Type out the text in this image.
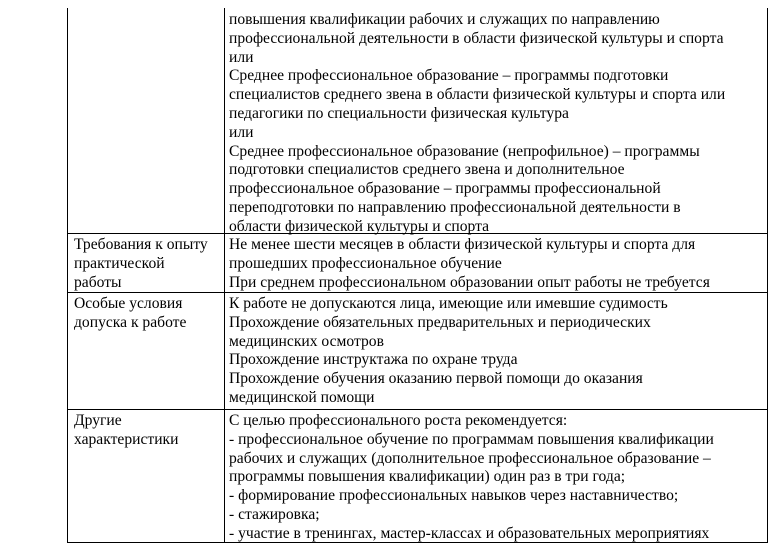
повышения квалификации рабочих и служащих по направлению
профессиональной деятельности в области физической культуры и спорта
или
Среднее профессиональное образование – программы подготовки
специалистов среднего звена в области физической культуры и спорта или
педагогики по специальности физическая культура
или
Среднее профессиональное образование (непрофильное) – программы
подготовки специалистов среднего звена и дополнительное
профессиональное образование – программы профессиональной
переподготовки по направлению профессиональной деятельности в
области физической культуры и спорта
Требования к опыту
практической
работы
Не менее шести месяцев в области физической культуры и спорта для
прошедших профессиональное обучение
При среднем профессиональном образовании опыт работы не требуется
Особые условия
допуска к работе
К работе не допускаются лица, имеющие или имевшие судимость
Прохождение обязательных предварительных и периодических
медицинских осмотров
Прохождение инструктажа по охране труда
Прохождение обучения оказанию первой помощи до оказания
медицинской помощи
Другие
характеристики
С целью профессионального роста рекомендуется:
- профессиональное обучение по программам повышения квалификации
рабочих и служащих (дополнительное профессиональное образование –
программы повышения квалификации) один раз в три года;
- формирование профессиональных навыков через наставничество;
- стажировка;
- участие в тренингах, мастер-классах и образовательных мероприятиях
